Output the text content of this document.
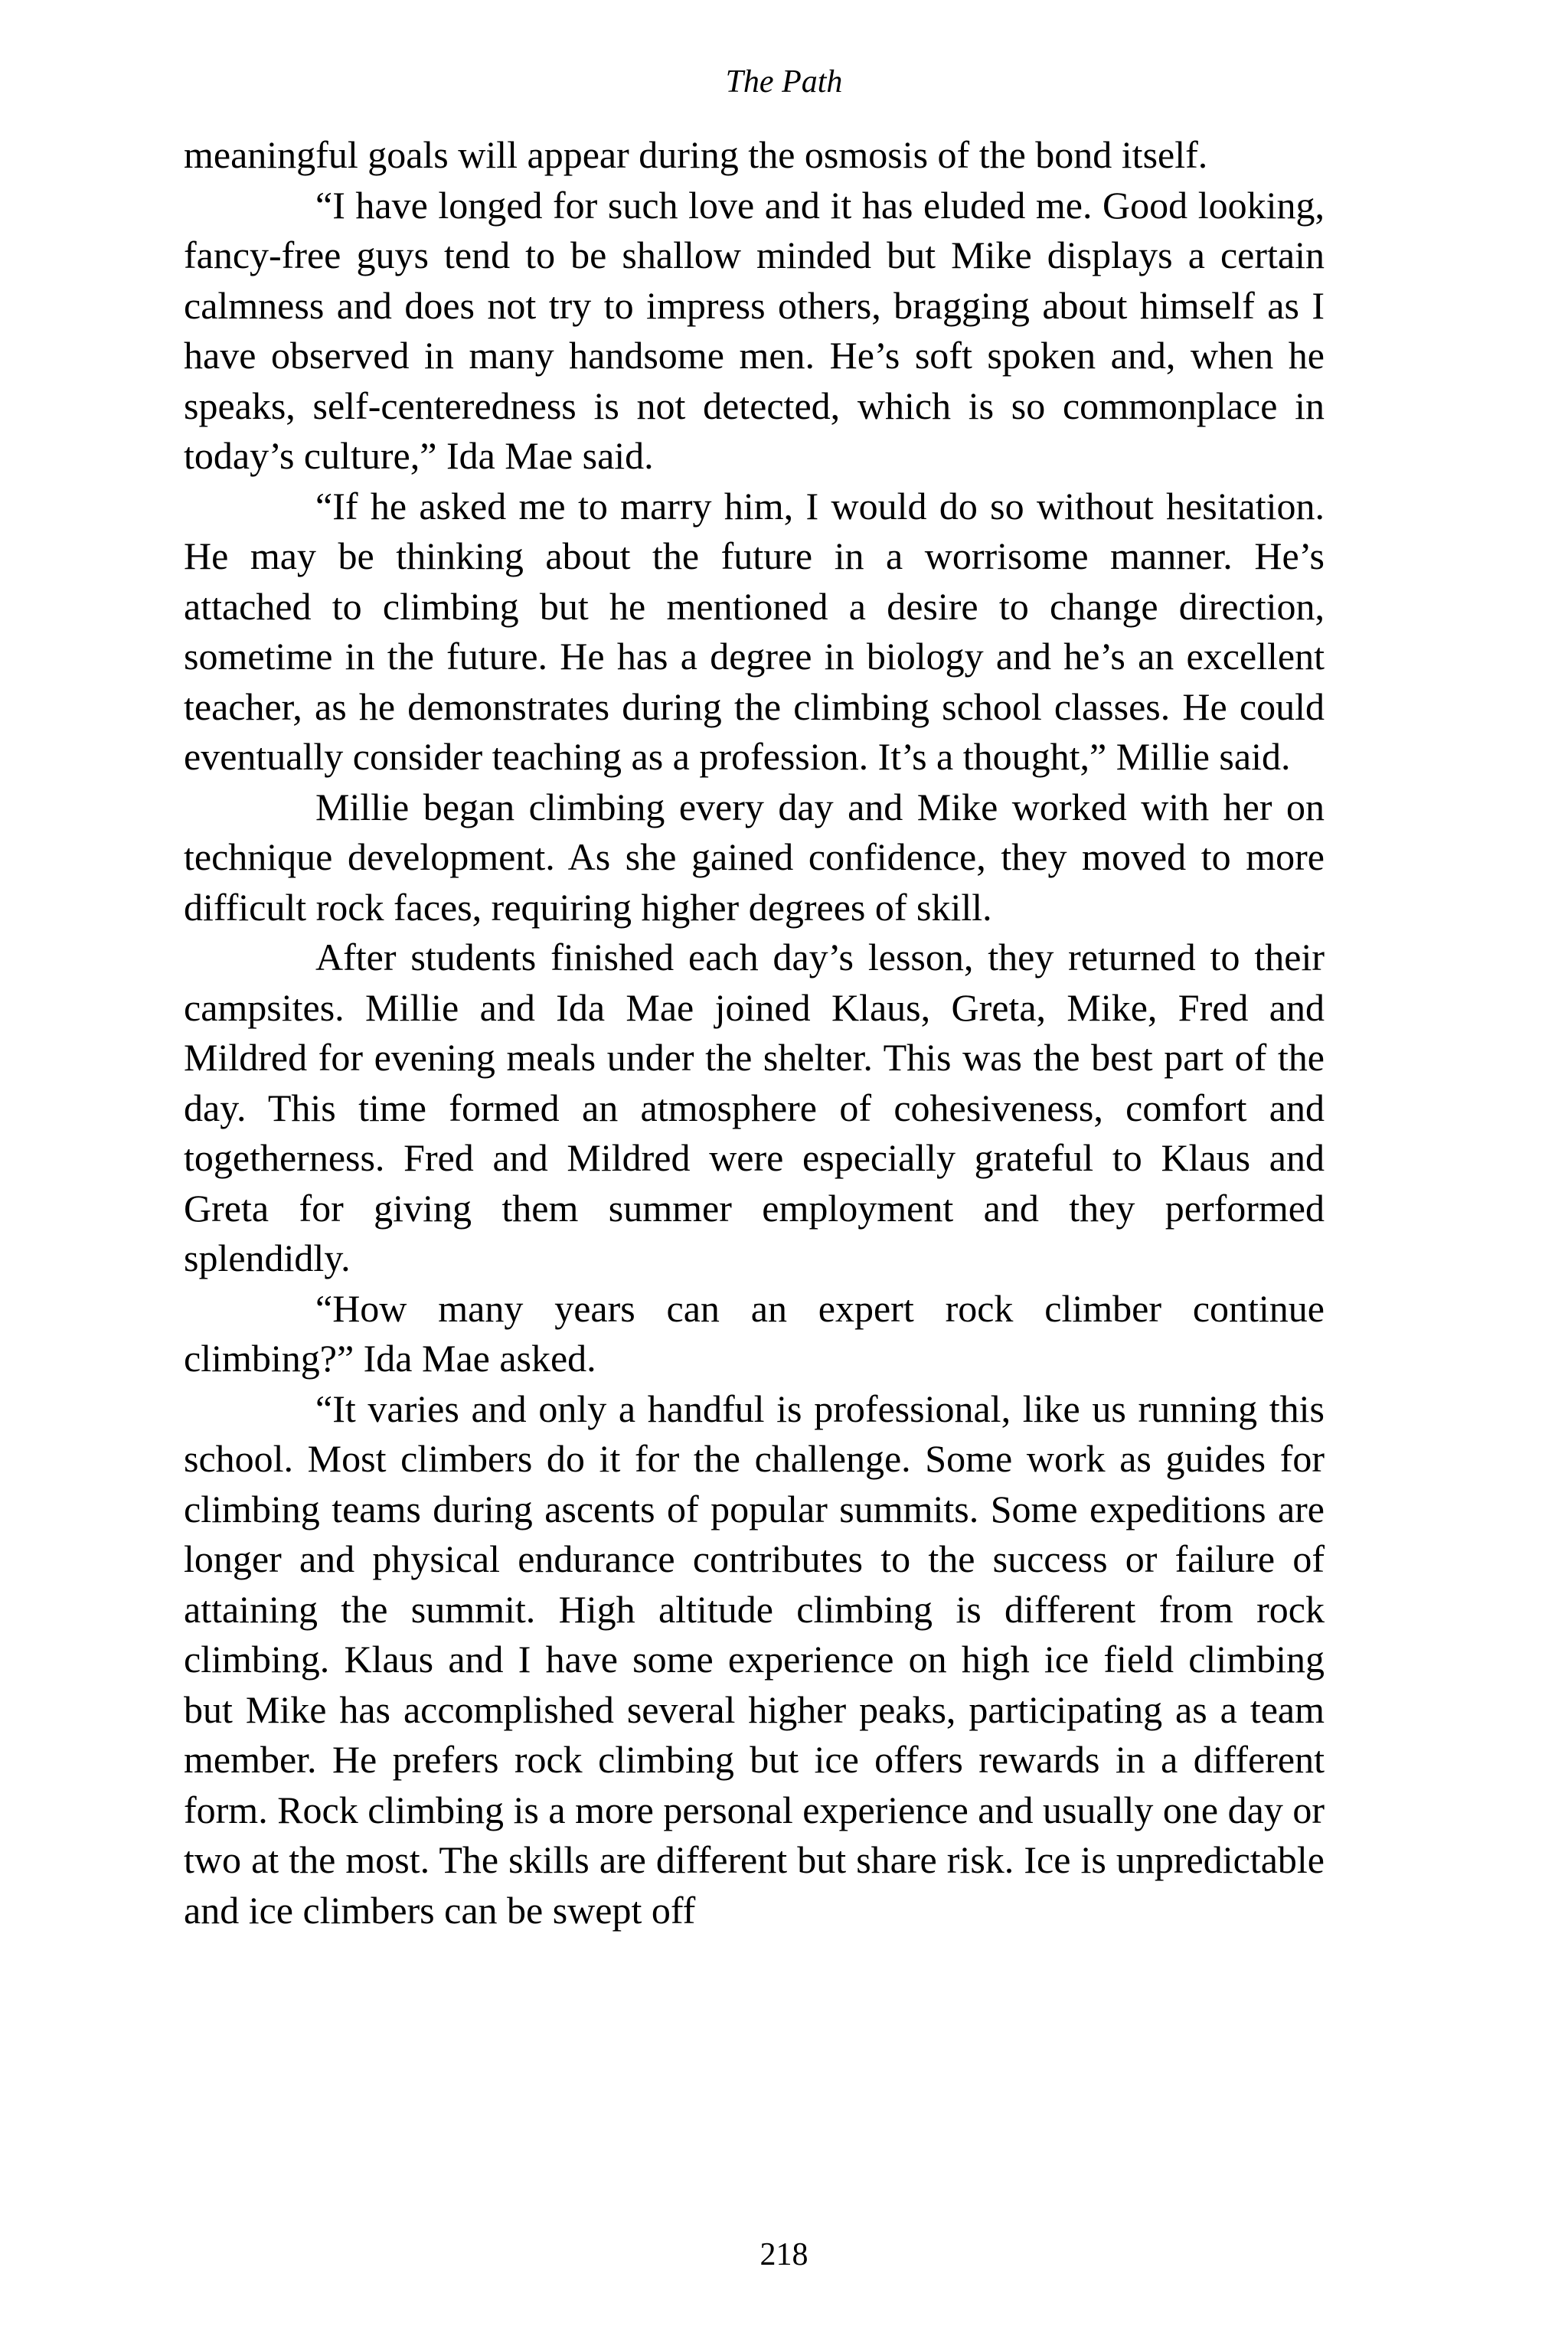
The Path

meaningful goals will appear during the osmosis of the bond itself.

“I have longed for such love and it has eluded me. Good looking, fancy-free guys tend to be shallow minded but Mike displays a certain calmness and does not try to impress others, bragging about himself as I have observed in many handsome men. He’s soft spoken and, when he speaks, self-centeredness is not detected, which is so commonplace in today’s culture,” Ida Mae said.

“If he asked me to marry him, I would do so without hesitation. He may be thinking about the future in a worrisome manner. He’s attached to climbing but he mentioned a desire to change direction, sometime in the future. He has a degree in biology and he’s an excellent teacher, as he demonstrates during the climbing school classes. He could eventually consider teaching as a profession. It’s a thought,” Millie said.

Millie began climbing every day and Mike worked with her on technique development. As she gained confidence, they moved to more difficult rock faces, requiring higher degrees of skill.

After students finished each day’s lesson, they returned to their campsites. Millie and Ida Mae joined Klaus, Greta, Mike, Fred and Mildred for evening meals under the shelter. This was the best part of the day. This time formed an atmosphere of cohesiveness, comfort and togetherness. Fred and Mildred were especially grateful to Klaus and Greta for giving them summer employment and they performed splendidly.

“How many years can an expert rock climber continue climbing?” Ida Mae asked.

“It varies and only a handful is professional, like us running this school. Most climbers do it for the challenge. Some work as guides for climbing teams during ascents of popular summits. Some expeditions are longer and physical endurance contributes to the success or failure of attaining the summit. High altitude climbing is different from rock climbing. Klaus and I have some experience on high ice field climbing but Mike has accomplished several higher peaks, participating as a team member. He prefers rock climbing but ice offers rewards in a different form. Rock climbing is a more personal experience and usually one day or two at the most. The skills are different but share risk. Ice is unpredictable and ice climbers can be swept off

218
